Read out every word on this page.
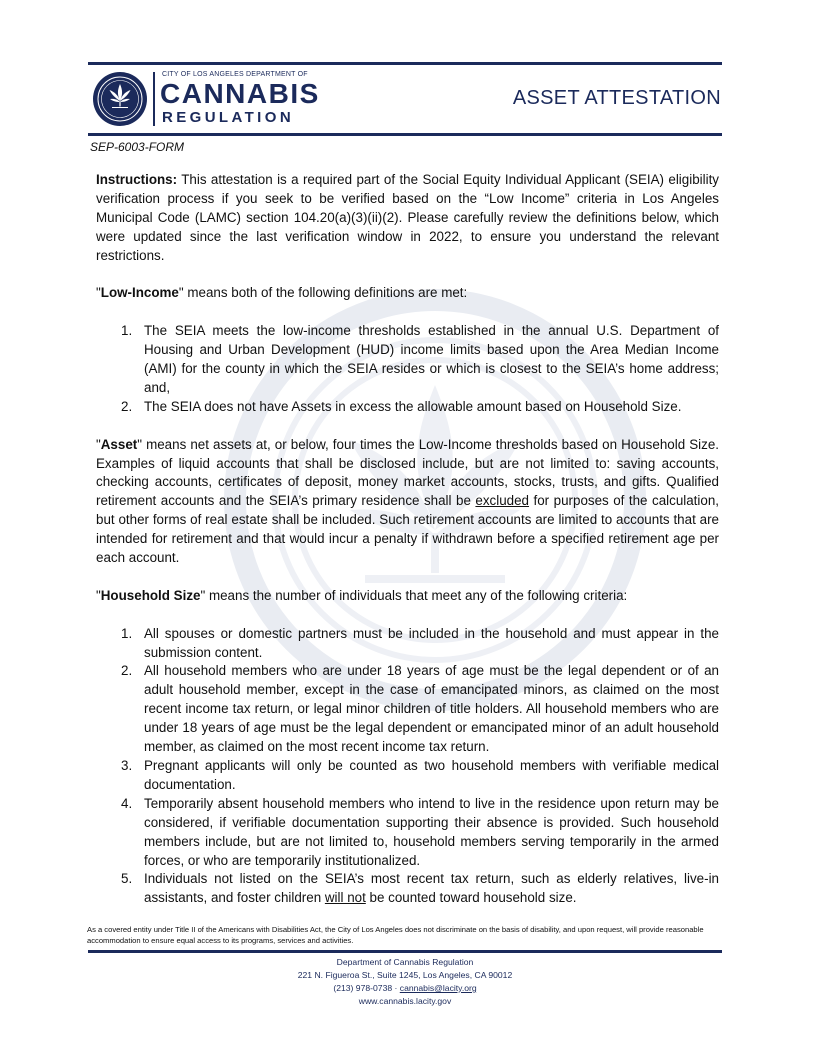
CITY OF LOS ANGELES DEPARTMENT OF
CANNABIS
REGULATION
ASSET ATTESTATION
SEP-6003-FORM

Instructions: This attestation is a required part of the Social Equity Individual Applicant (SEIA) eligibility verification process if you seek to be verified based on the “Low Income” criteria in Los Angeles Municipal Code (LAMC) section 104.20(a)(3)(ii)(2). Please carefully review the definitions below, which were updated since the last verification window in 2022, to ensure you understand the relevant restrictions.

"Low-Income" means both of the following definitions are met:

1. The SEIA meets the low-income thresholds established in the annual U.S. Department of Housing and Urban Development (HUD) income limits based upon the Area Median Income (AMI) for the county in which the SEIA resides or which is closest to the SEIA’s home address; and,
2. The SEIA does not have Assets in excess the allowable amount based on Household Size.

"Asset" means net assets at, or below, four times the Low-Income thresholds based on Household Size. Examples of liquid accounts that shall be disclosed include, but are not limited to: saving accounts, checking accounts, certificates of deposit, money market accounts, stocks, trusts, and gifts. Qualified retirement accounts and the SEIA’s primary residence shall be excluded for purposes of the calculation, but other forms of real estate shall be included. Such retirement accounts are limited to accounts that are intended for retirement and that would incur a penalty if withdrawn before a specified retirement age per each account.

"Household Size" means the number of individuals that meet any of the following criteria:

1. All spouses or domestic partners must be included in the household and must appear in the submission content.
2. All household members who are under 18 years of age must be the legal dependent or of an adult household member, except in the case of emancipated minors, as claimed on the most recent income tax return, or legal minor children of title holders. All household members who are under 18 years of age must be the legal dependent or emancipated minor of an adult household member, as claimed on the most recent income tax return.
3. Pregnant applicants will only be counted as two household members with verifiable medical documentation.
4. Temporarily absent household members who intend to live in the residence upon return may be considered, if verifiable documentation supporting their absence is provided. Such household members include, but are not limited to, household members serving temporarily in the armed forces, or who are temporarily institutionalized.
5. Individuals not listed on the SEIA’s most recent tax return, such as elderly relatives, live-in assistants, and foster children will not be counted toward household size.
As a covered entity under Title II of the Americans with Disabilities Act, the City of Los Angeles does not discriminate on the basis of disability, and upon request, will provide reasonable accommodation to ensure equal access to its programs, services and activities.
Department of Cannabis Regulation
221 N. Figueroa St., Suite 1245, Los Angeles, CA 90012
(213) 978-0738 · cannabis@lacity.org
www.cannabis.lacity.gov
